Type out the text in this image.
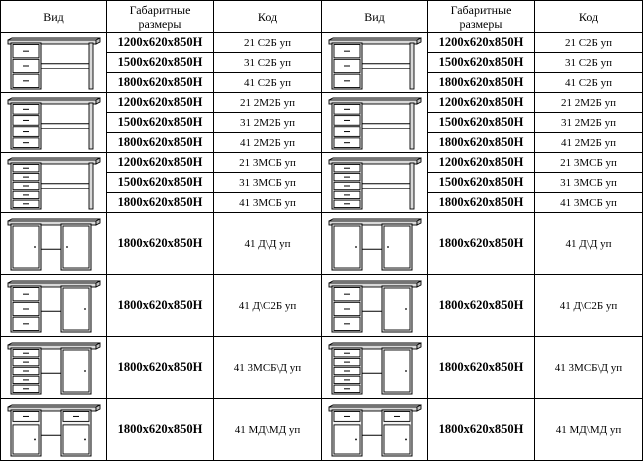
Вид	Габаритные размеры	Код	Вид	Габаритные размеры	Код

	1200x620x850H	21 С2Б уп		1200x620x850H	21 С2Б уп
	1500x620x850H	31 С2Б уп		1500x620x850H	31 С2Б уп
	1800x620x850H	41 С2Б уп		1800x620x850H	41 С2Б уп

	1200x620x850H	21 2М2Б уп		1200x620x850H	21 2М2Б уп
	1500x620x850H	31 2М2Б уп		1500x620x850H	31 2М2Б уп
	1800x620x850H	41 2М2Б уп		1800x620x850H	41 2М2Б уп

	1200x620x850H	21 3МСБ уп		1200x620x850H	21 3МСБ уп
	1500x620x850H	31 3МСБ уп		1500x620x850H	31 3МСБ уп
	1800x620x850H	41 3МСБ уп		1800x620x850H	41 3МСБ уп

	1800x620x850H	41 Д\Д уп		1800x620x850H	41 Д\Д уп

	1800x620x850H	41 Д\С2Б уп		1800x620x850H	41 Д\С2Б уп

	1800x620x850H	41 3МСБ\Д уп		1800x620x850H	41 3МСБ\Д уп

	1800x620x850H	41 МД\МД уп		1800x620x850H	41 МД\МД уп
